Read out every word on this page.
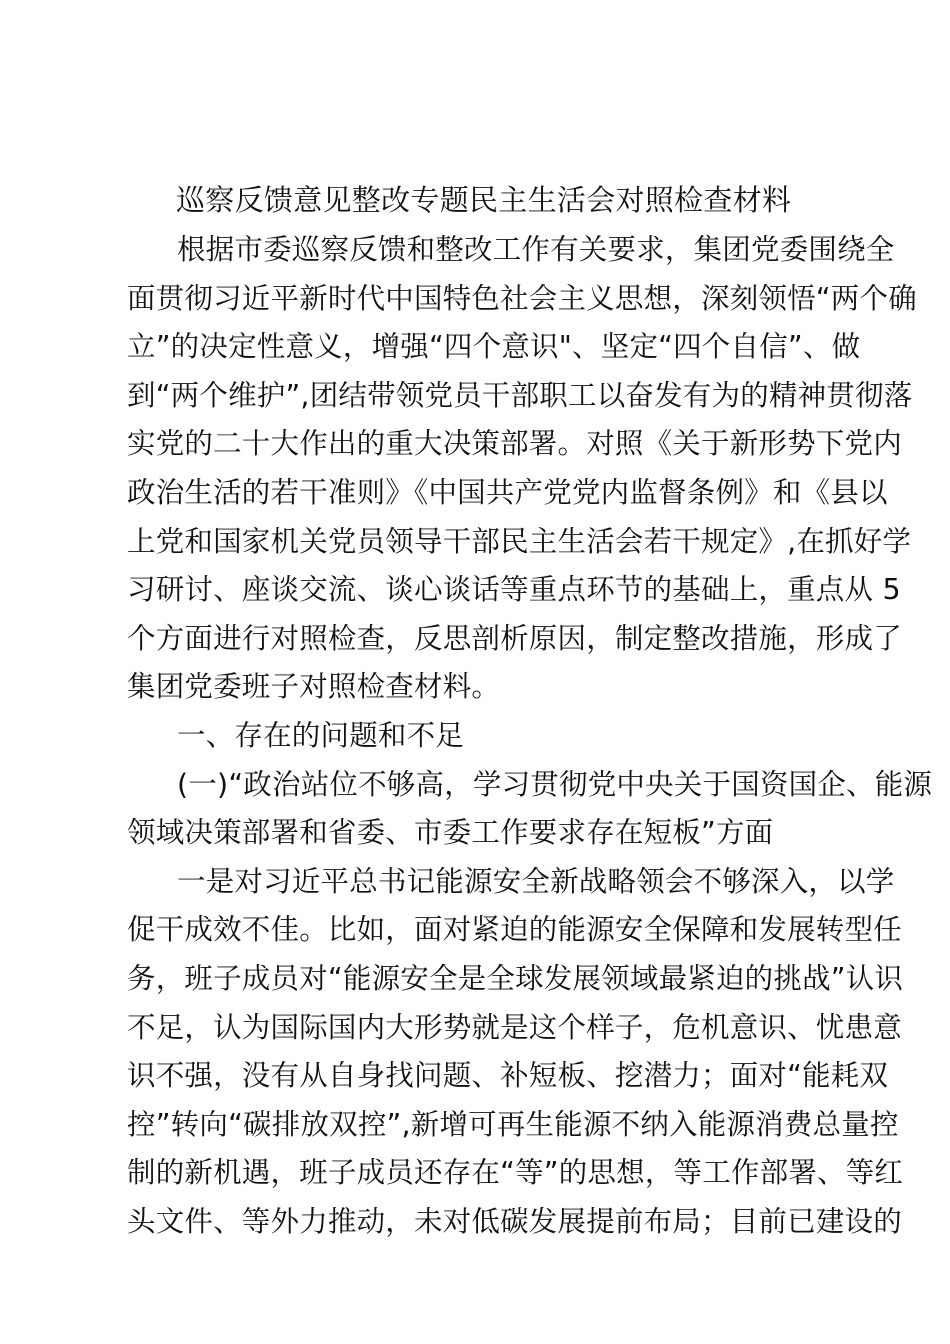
巡察反馈意见整改专题民主生活会对照检查材料

根据市委巡察反馈和整改工作有关要求，集团党委围绕全
面贯彻习近平新时代中国特色社会主义思想，深刻领悟“两个确
立”的决定性意义，增强“四个意识"、坚定“四个自信”、做
到“两个维护”,团结带领党员干部职工以奋发有为的精神贯彻落
实党的二十大作出的重大决策部署。对照《关于新形势下党内
政治生活的若干准则》《中国共产党党内监督条例》和《县以
上党和国家机关党员领导干部民主生活会若干规定》,在抓好学
习研讨、座谈交流、谈心谈话等重点环节的基础上，重点从 5
个方面进行对照检查，反思剖析原因，制定整改措施，形成了
集团党委班子对照检查材料。

一、存在的问题和不足

(一)“政治站位不够高，学习贯彻党中央关于国资国企、能源
领域决策部署和省委、市委工作要求存在短板”方面

一是对习近平总书记能源安全新战略领会不够深入，以学
促干成效不佳。比如，面对紧迫的能源安全保障和发展转型任
务，班子成员对“能源安全是全球发展领域最紧迫的挑战”认识
不足，认为国际国内大形势就是这个样子，危机意识、忧患意
识不强，没有从自身找问题、补短板、挖潜力；面对“能耗双
控”转向“碳排放双控”,新增可再生能源不纳入能源消费总量控
制的新机遇，班子成员还存在“等”的思想，等工作部署、等红
头文件、等外力推动，未对低碳发展提前布局；目前已建设的
